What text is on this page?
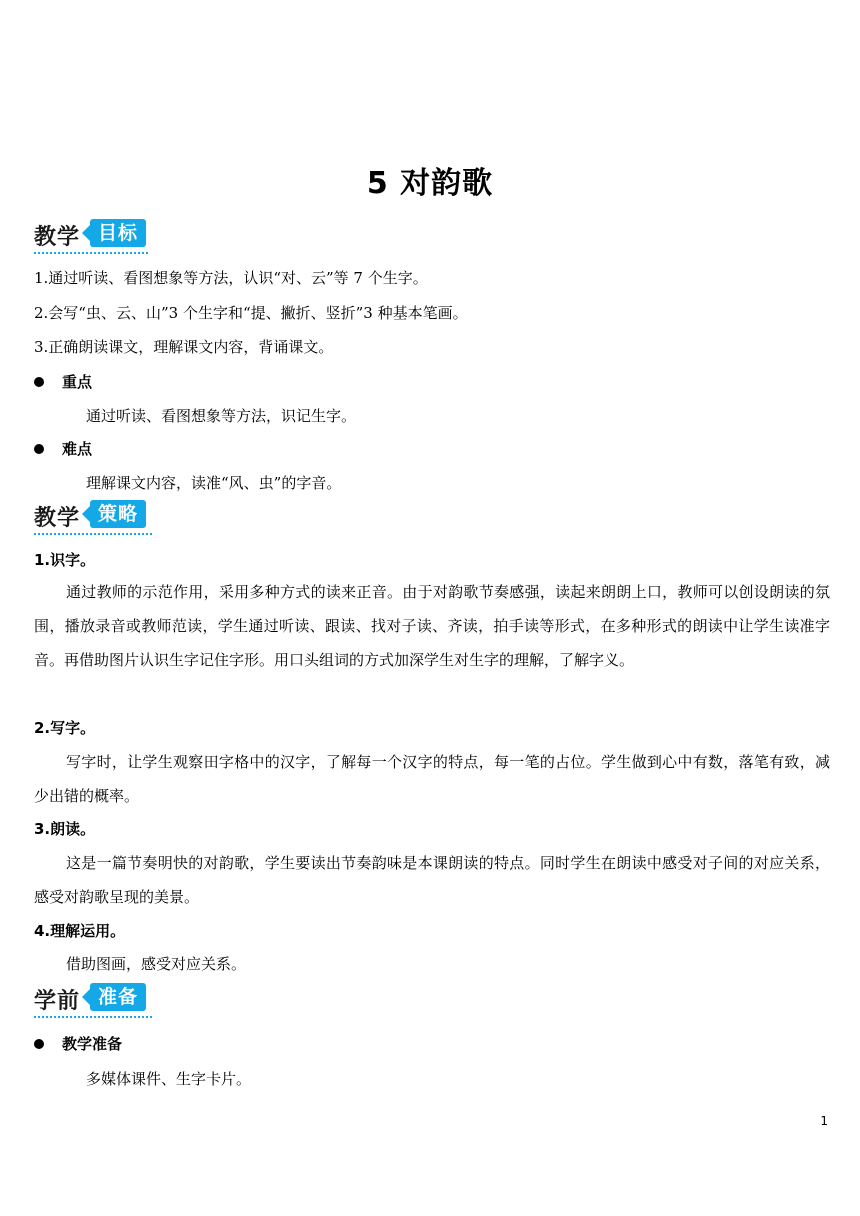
5 对韵歌
教学 目标
1.通过听读、看图想象等方法，认识“对、云”等 7 个生字。
2.会写“虫、云、山”3 个生字和“提、撇折、竖折”3 种基本笔画。
3.正确朗读课文，理解课文内容，背诵课文。
重点
通过听读、看图想象等方法，识记生字。
难点
理解课文内容，读准“风、虫”的字音。
教学 策略
1.识字。
通过教师的示范作用，采用多种方式的读来正音。由于对韵歌节奏感强，读起来朗朗上口，教师可以创设朗读的氛围，播放录音或教师范读，学生通过听读、跟读、找对子读、齐读，拍手读等形式，在多种形式的朗读中让学生读准字音。再借助图片认识生字记住字形。用口头组词的方式加深学生对生字的理解，了解字义。
2.写字。
写字时，让学生观察田字格中的汉字，了解每一个汉字的特点，每一笔的占位。学生做到心中有数，落笔有致，减少出错的概率。
3.朗读。
这是一篇节奏明快的对韵歌，学生要读出节奏韵味是本课朗读的特点。同时学生在朗读中感受对子间的对应关系，感受对韵歌呈现的美景。
4.理解运用。
借助图画，感受对应关系。
学前 准备
教学准备
多媒体课件、生字卡片。
1
